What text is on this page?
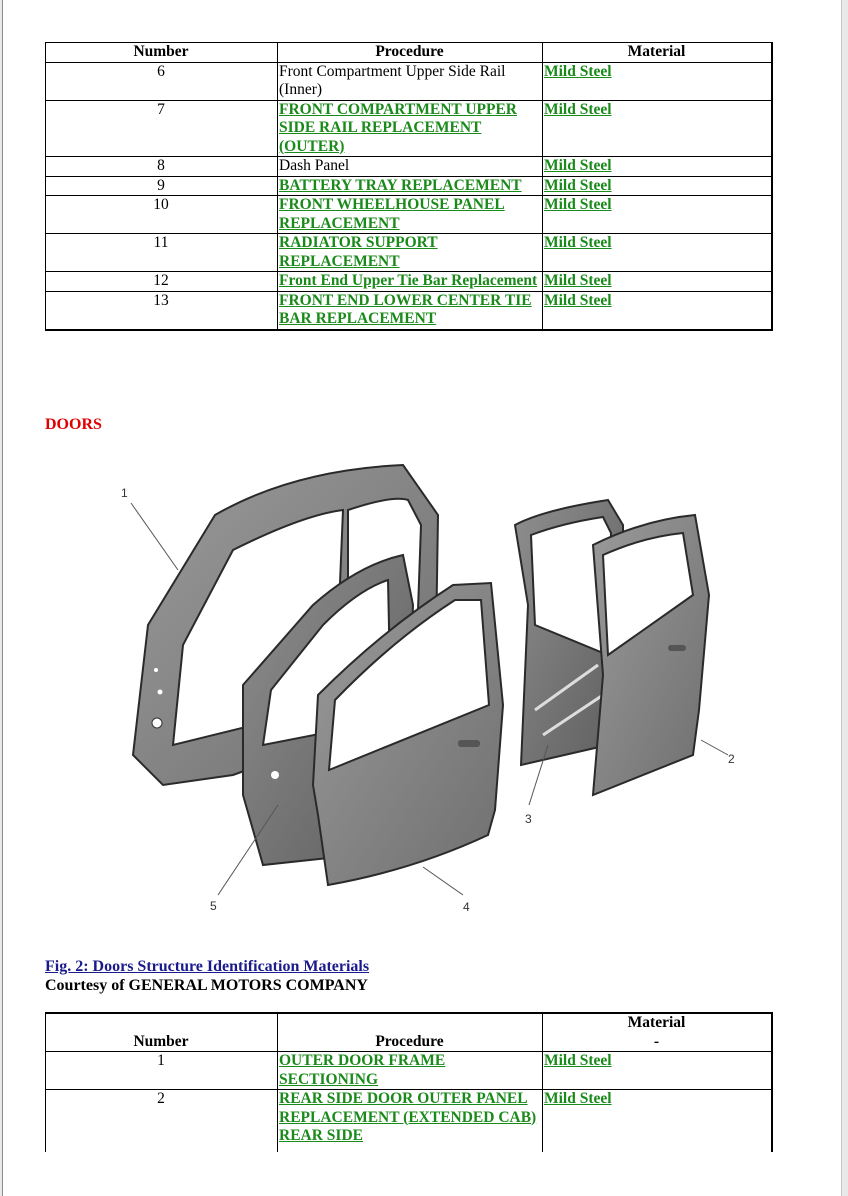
Number	Procedure	Material
6	Front Compartment Upper Side Rail (Inner)	Mild Steel
7	FRONT COMPARTMENT UPPER SIDE RAIL REPLACEMENT (OUTER)	Mild Steel
8	Dash Panel	Mild Steel
9	BATTERY TRAY REPLACEMENT	Mild Steel
10	FRONT WHEELHOUSE PANEL REPLACEMENT	Mild Steel
11	RADIATOR SUPPORT REPLACEMENT	Mild Steel
12	Front End Upper Tie Bar Replacement	Mild Steel
13	FRONT END LOWER CENTER TIE BAR REPLACEMENT	Mild Steel
DOORS
1
2
3
4
5
Fig. 2: Doors Structure Identification Materials
Courtesy of GENERAL MOTORS COMPANY
Number	Procedure	Material
-

1	OUTER DOOR FRAME SECTIONING	Mild Steel
2	REAR SIDE DOOR OUTER PANEL REPLACEMENT (EXTENDED CAB) REAR SIDE	Mild Steel
